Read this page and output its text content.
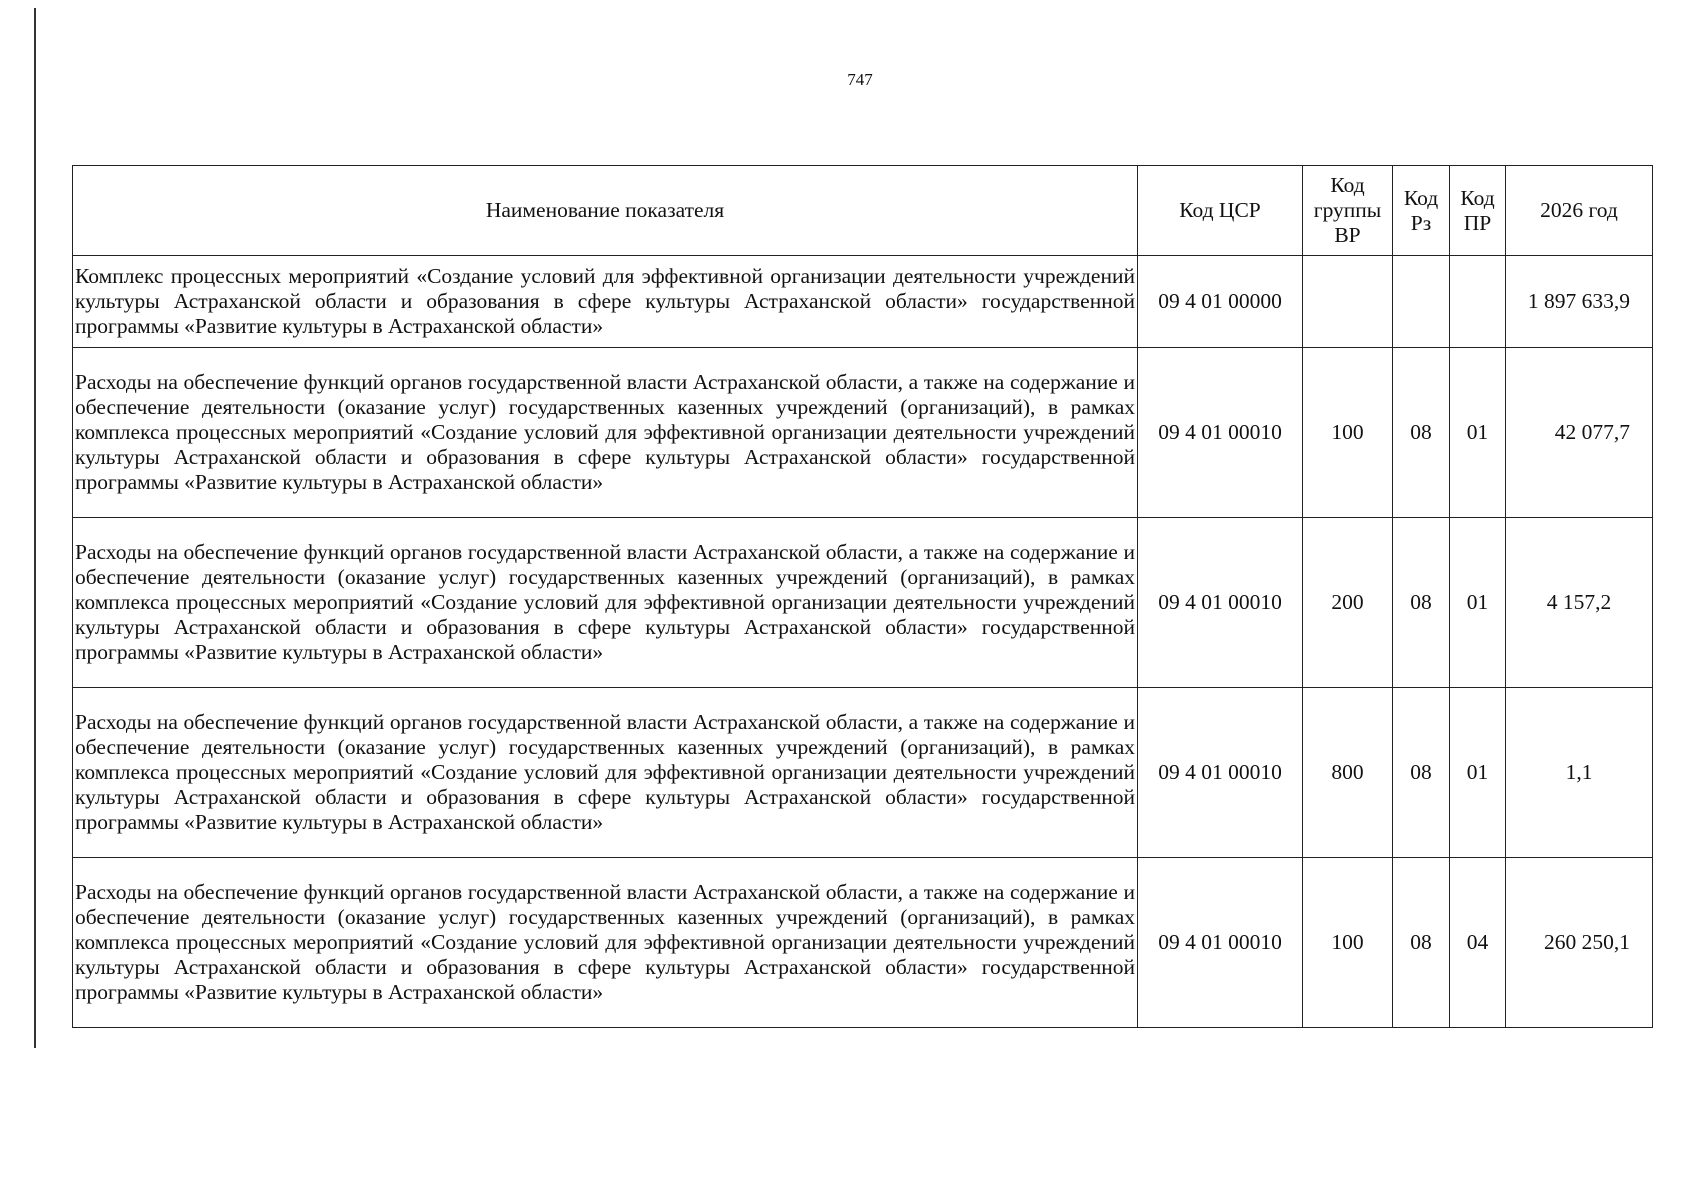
747
Наименование показателя	Код ЦСР	Код группы ВР	Код Рз	Код ПР	2026 год
Комплекс процессных мероприятий «Создание условий для эффективной организации деятельности учреждений культуры Астраханской области и образования в сфере культуры Астраханской области» государственной программы «Развитие культуры в Астраханской области»	09 4 01 00000				1 897 633,9
Расходы на обеспечение функций органов государственной власти Астраханской области, а также на содержание и обеспечение деятельности (оказание услуг) государственных казенных учреждений (организаций), в рамках комплекса процессных мероприятий «Создание условий для эффективной организации деятельности учреждений культуры Астраханской области и образования в сфере культуры Астраханской области» государственной программы «Развитие культуры в Астраханской области»	09 4 01 00010	100	08	01	42 077,7
Расходы на обеспечение функций органов государственной власти Астраханской области, а также на содержание и обеспечение деятельности (оказание услуг) государственных казенных учреждений (организаций), в рамках комплекса процессных мероприятий «Создание условий для эффективной организации деятельности учреждений культуры Астраханской области и образования в сфере культуры Астраханской области» государственной программы «Развитие культуры в Астраханской области»	09 4 01 00010	200	08	01	4 157,2
Расходы на обеспечение функций органов государственной власти Астраханской области, а также на содержание и обеспечение деятельности (оказание услуг) государственных казенных учреждений (организаций), в рамках комплекса процессных мероприятий «Создание условий для эффективной организации деятельности учреждений культуры Астраханской области и образования в сфере культуры Астраханской области» государственной программы «Развитие культуры в Астраханской области»	09 4 01 00010	800	08	01	1,1
Расходы на обеспечение функций органов государственной власти Астраханской области, а также на содержание и обеспечение деятельности (оказание услуг) государственных казенных учреждений (организаций), в рамках комплекса процессных мероприятий «Создание условий для эффективной организации деятельности учреждений культуры Астраханской области и образования в сфере культуры Астраханской области» государственной программы «Развитие культуры в Астраханской области»	09 4 01 00010	100	08	04	260 250,1
